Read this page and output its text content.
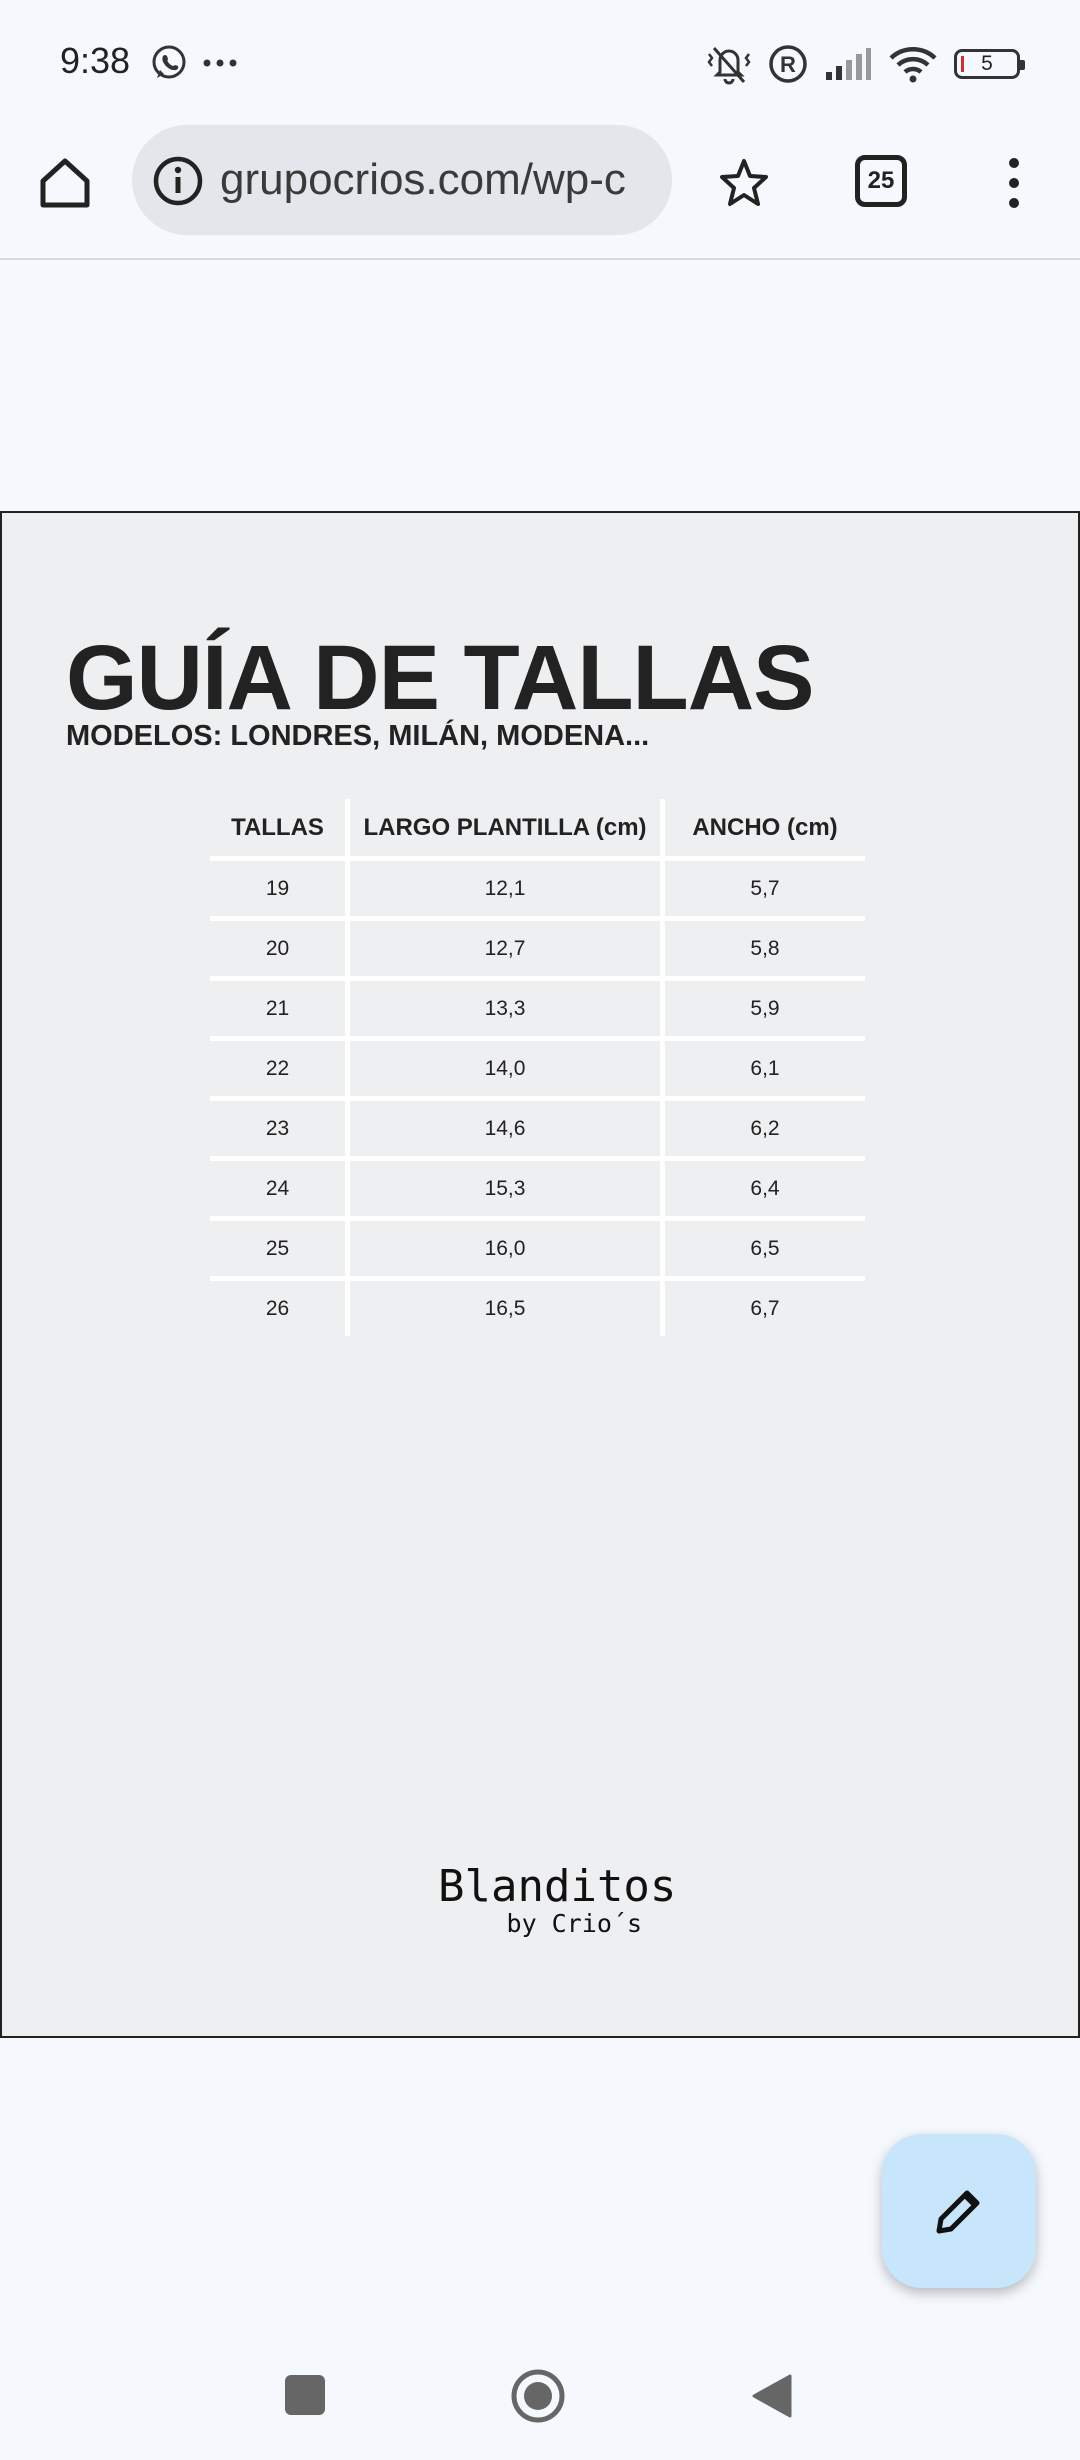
9:38	R	5
grupocrios.com/wp-c	25
GUÍA DE TALLAS
MODELOS: LONDRES, MILÁN, MODENA...
TALLAS	LARGO PLANTILLA (cm)	ANCHO (cm)
19	12,1	5,7
20	12,7	5,8
21	13,3	5,9
22	14,0	6,1
23	14,6	6,2
24	15,3	6,4
25	16,0	6,5
26	16,5	6,7
Blanditos
by Crio´s
